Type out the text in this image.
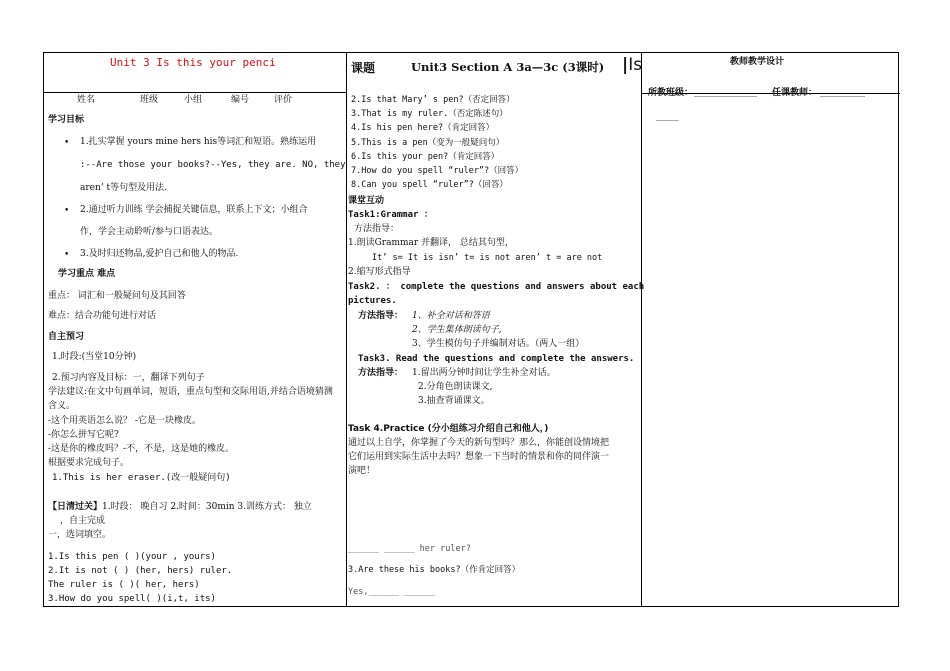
Unit 3 Is this your penci
姓名	班级	小组	编号	评价
学习目标
• 1.扎实掌握 yours mine hers his等词汇和短语。熟练运用
:--Are those your books?--Yes, they are. NO, they
aren’ t等句型及用法.
• 2.通过听力训练 学会捕捉关键信息，联系上下文；小组合
作，学会主动聆听/参与口语表达。
• 3.及时归还物品,爱护自己和他人的物品.
学习重点 难点
重点： 词汇和一般疑问句及其回答
难点：结合功能句进行对话
自主预习
1.时段:(当堂10分钟)
2.预习内容及目标：一，翻译下列句子
学法建议:在文中句画单词，短语，重点句型和交际用语,并结合语境猜测
含义。
-这个用英语怎么说？ -它是一块橡皮。
-你怎么拼写它呢?
-这是你的橡皮吗？-不，不是，这是她的橡皮。
根据要求完成句子。
1.This is her eraser.(改一般疑问句)
【日清过关】1.时段： 晚自习 2.时间：30min 3.训练方式： 独立
，自主完成
一，选词填空。
1.Is this pen ( )(your , yours)
2.It is not ( ) (her, hers) ruler.
The ruler is ( )( her, hers)
3.How do you spell( )(i,t, its)
课题	Unit3 Section A 3a—3c (3课时) |Is
2.Is that Mary’ s pen?（否定回答）
3.That is my ruler.（否定陈述句）
4.Is his pen here?（肯定回答）
5.This is a pen（变为一般疑问句）
6.Is this your pen?（肯定回答）
7.How do you spell “ruler”?（回答）
8.Can you spell “ruler”?（回答）
课堂互动
Task1:Grammar ：
方法指导：
1.朗读Grammar 并翻译， 总结其句型，
It’ s= It is isn’ t= is not aren’ t = are not
2.缩写形式指导
Task2. ： complete the questions and answers about each
pictures.
方法指导： 1、补全对话和答语
2、学生集体朗读句子,
3、学生模仿句子并编制对话。（两人一组）
Task3. Read the questions and complete the answers.
方法指导： 1.留出两分钟时间让学生补全对话。
2.分角色朗读课文,
3.抽查背诵课文。
Task 4.Practice (分小组练习介绍自己和他人，)
通过以上自学，你掌握了今天的新句型吗？那么，你能创设情境把
它们运用到实际生活中去吗？想象一下当时的情景和你的同伴演一
演吧！
______ ______ her ruler?
3.Are these his books?（作肯定回答）
Yes,______ ______
教师教学设计
所教班级： ______________ 任课教师： __________
_____
